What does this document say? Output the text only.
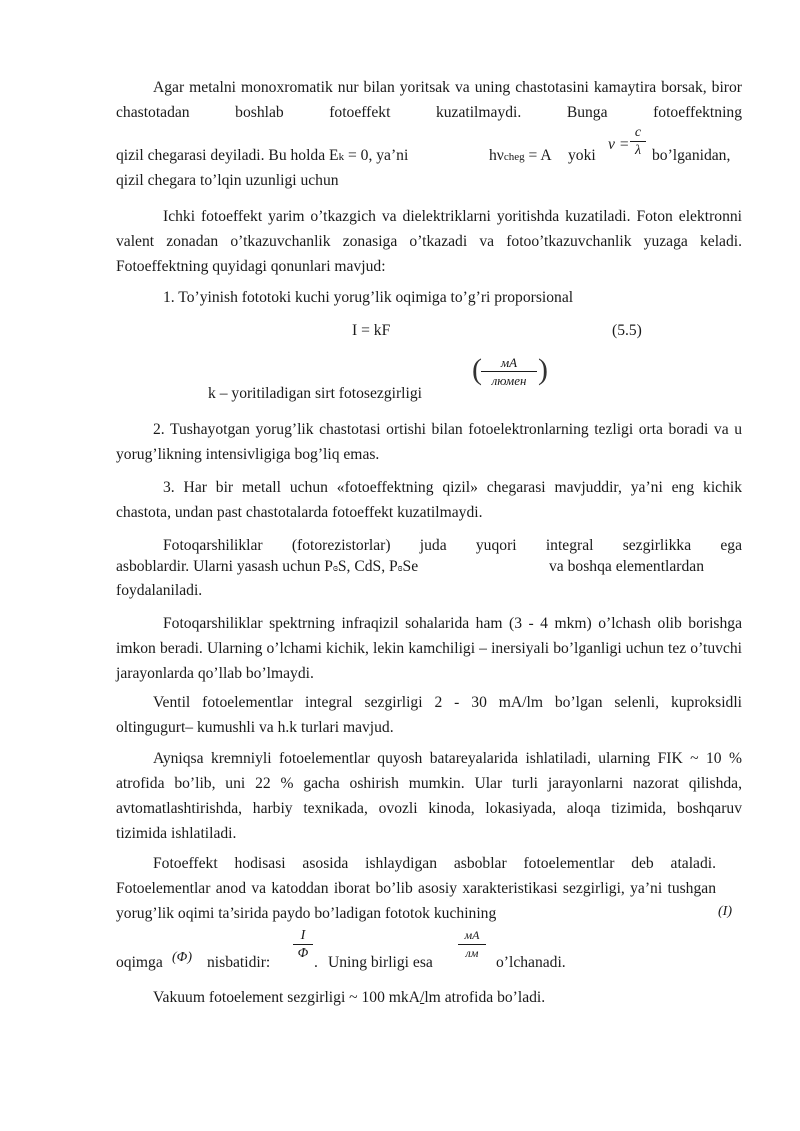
Agar metalni monoxromatik nur bilan yoritsak va uning chastotasini kamaytira borsak, biror chastotadan boshlab fotoeffekt kuzatilmaydi. Bunga fotoeffektning

qizil chegarasi deyiladi. Bu holda Ek = 0, ya’ni	hνcheg = A yoki
ν =
c
λ bo’lganidan,
qizil chegara to’lqin uzunligi uchun

Ichki fotoeffekt yarim o’tkazgich va dielektriklarni yoritishda kuzatiladi. Foton elektronni valent zonadan o’tkazuvchanlik zonasiga o’tkazadi va fotoo’tkazuvchanlik yuzaga keladi. Fotoeffektning quyidagi qonunlari mavjud:

1. To’yinish fototoki kuchi yorug’lik oqimiga to’g’ri proporsional
I = kF	(5.5)
k – yoritiladigan sirt fotosezgirligi
(	мА
люмен )

2. Tushayotgan yorug’lik chastotasi ortishi bilan fotoelektronlarning tezligi orta boradi va u yorug’likning intensivligiga bog’liq emas.

3. Har bir metall uchun «fotoeffektning qizil» chegarasi mavjuddir, ya’ni eng kichik chastota, undan past chastotalarda fotoeffekt kuzatilmaydi.

Fotoqarshiliklar (fotorezistorlar) juda yuqori integral sezgirlikka ega

asboblardir. Ularni yasash uchun PɞS, CdS, PɞSe	va boshqa elementlardan
foydalaniladi.

Fotoqarshiliklar spektrning infraqizil sohalarida ham (3 - 4 mkm) o’lchash olib borishga imkon beradi. Ularning o’lchami kichik, lekin kamchiligi – inersiyali bo’lganligi uchun tez o’tuvchi jarayonlarda qo’llab bo’lmaydi.

Ventil fotoelementlar integral sezgirligi 2 - 30 mA/lm bo’lgan selenli, kuproksidli oltingugurt– kumushli va h.k turlari mavjud.

Ayniqsa kremniyli fotoelementlar quyosh batareyalarida ishlatiladi, ularning FIK ~ 10 % atrofida bo’lib, uni 22 % gacha oshirish mumkin. Ular turli jarayonlarni nazorat qilishda, avtomatlashtirishda, harbiy texnikada, ovozli kinoda, lokasiyada, aloqa tizimida, boshqaruv tizimida ishlatiladi.

Fotoeffekt hodisasi asosida ishlaydigan asboblar fotoelementlar deb ataladi. Fotoelementlar anod va katoddan iborat bo’lib asosiy xarakteristikasi sezgirligi, ya’ni tushgan yorug’lik oqimi ta’sirida paydo bo’ladigan fototok kuchining	(I)
oqimga (Φ) nisbatidir:
I
Φ
. Uning birligi esa
мА
лм
o’lchanadi.
Vakuum fotoelement sezgirligi ~ 100 mkA/lm atrofida bo’ladi.
